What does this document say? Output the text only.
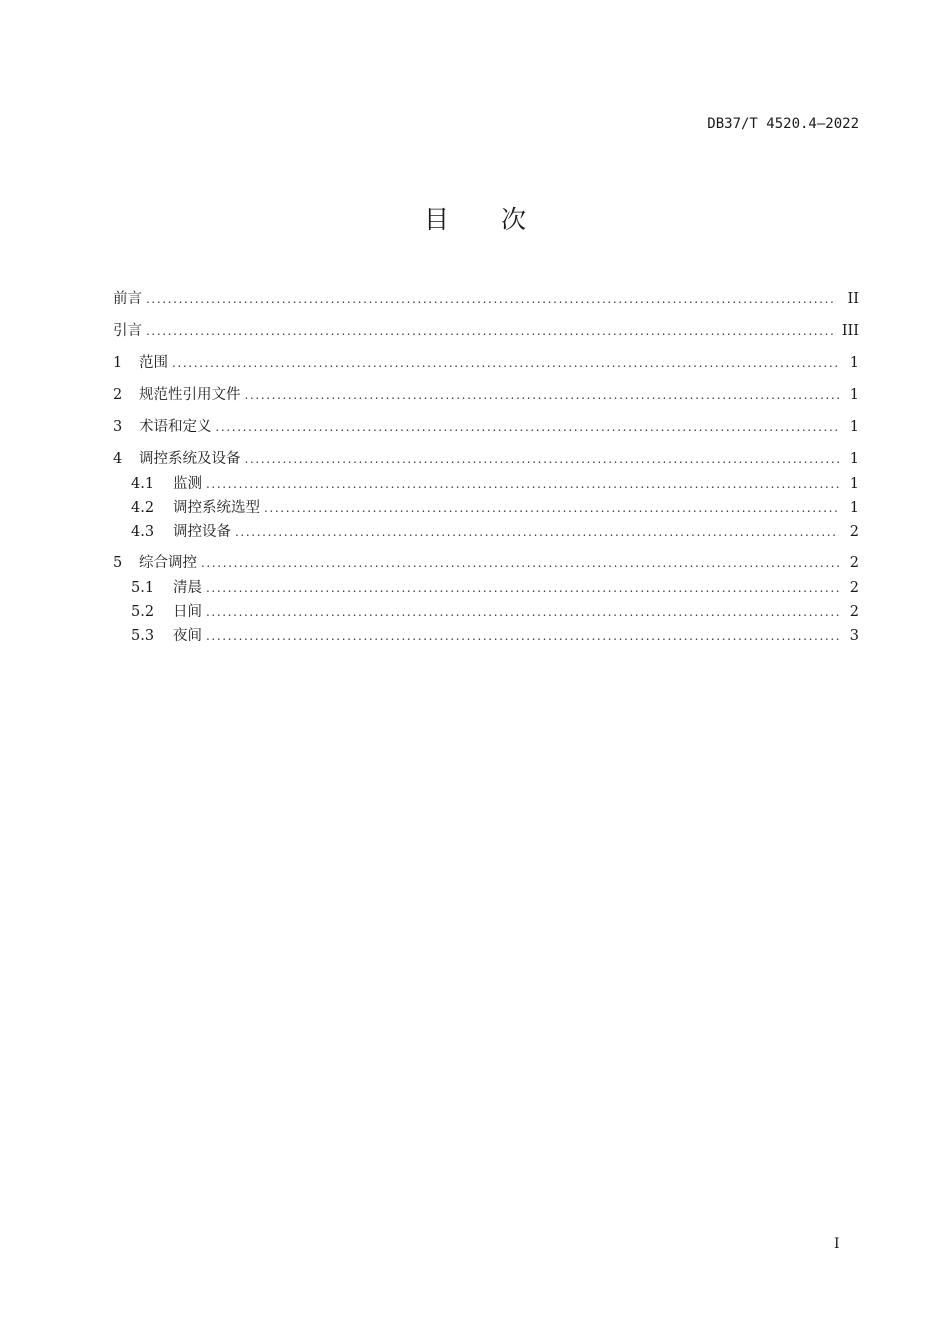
DB37/T 4520.4—2022
目 次
前言 . . .	II
引言 . . .	III
1	范围 . . .	1
2	规范性引用文件 . . .	1
3	术语和定义 . . .	1
4	调控系统及设备 . . .	1
4.1	监测 . . .	1
4.2	调控系统选型 . . .	1
4.3	调控设备 . . .	2
5	综合调控 . . .	2
5.1	清晨 . . .	2
5.2	日间 . . .	2
5.3	夜间 . . .	3
I
